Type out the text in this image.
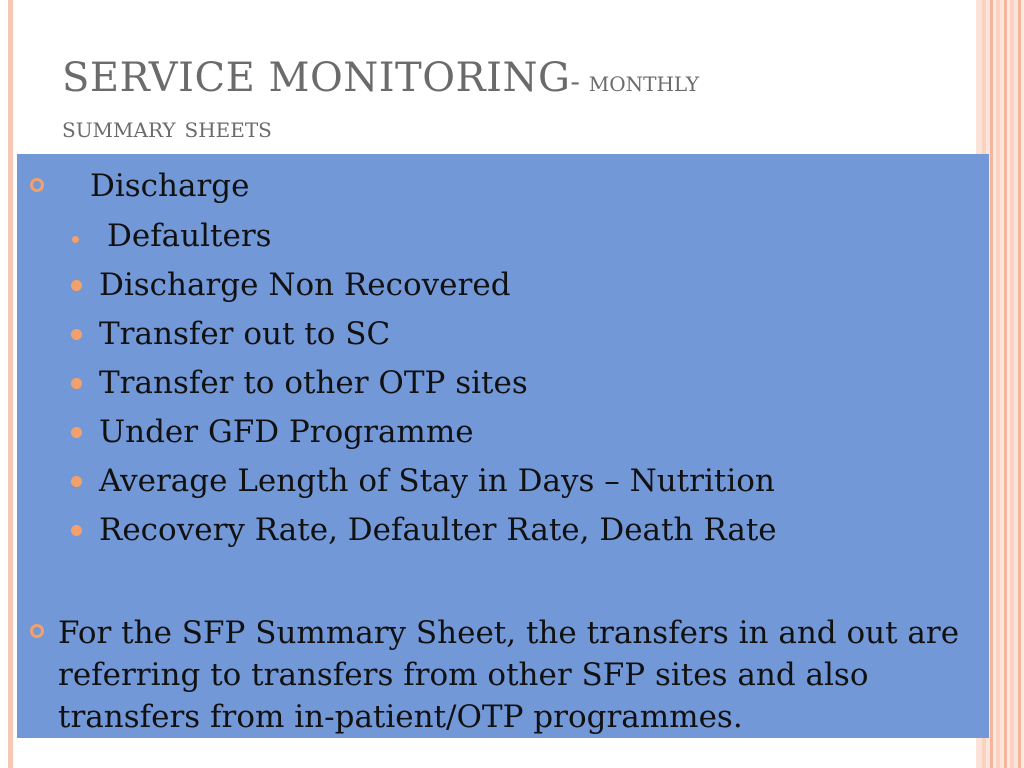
SERVICE MONITORING- monthly
summary sheets
Discharge
Defaulters
Discharge Non Recovered
Transfer out to SC
Transfer to other OTP sites
Under GFD Programme
Average Length of Stay in Days – Nutrition
Recovery Rate, Defaulter Rate, Death Rate
For the SFP Summary Sheet, the transfers in and out are
referring to transfers from other SFP sites and also
transfers from in-patient/OTP programmes.
